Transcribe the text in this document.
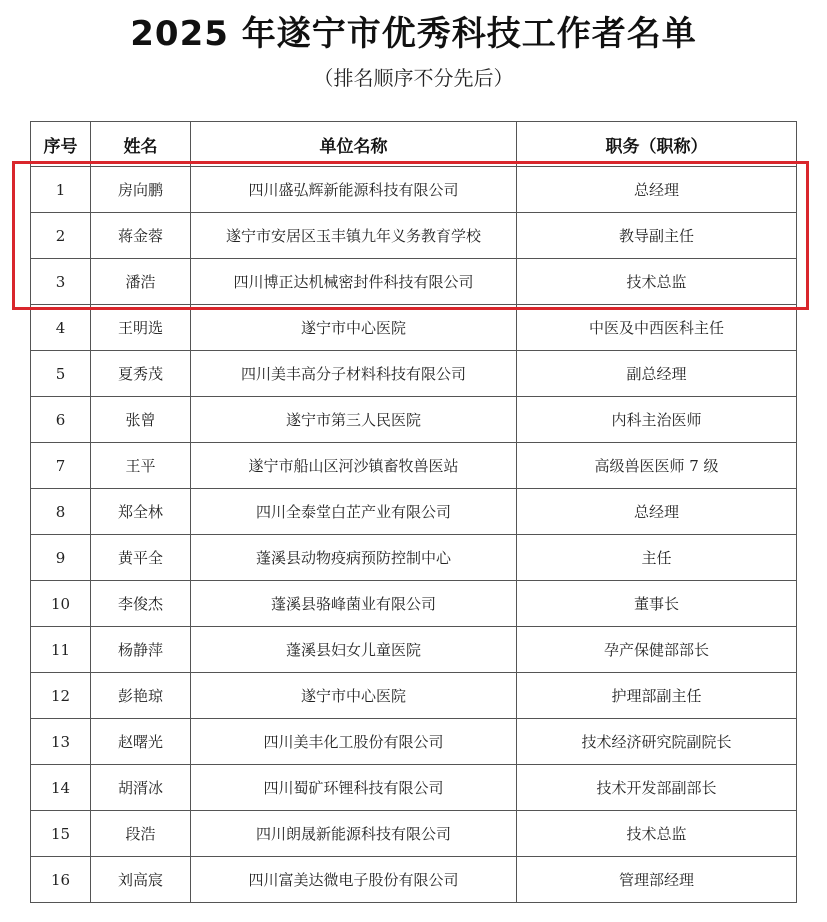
2025 年遂宁市优秀科技工作者名单
（排名顺序不分先后）
序号	姓名	单位名称	职务（职称）
1	房向鹏	四川盛弘辉新能源科技有限公司	总经理
2	蒋金蓉	遂宁市安居区玉丰镇九年义务教育学校	教导副主任
3	潘浩	四川博正达机械密封件科技有限公司	技术总监
4	王明选	遂宁市中心医院	中医及中西医科主任
5	夏秀茂	四川美丰高分子材料科技有限公司	副总经理
6	张曾	遂宁市第三人民医院	内科主治医师
7	王平	遂宁市船山区河沙镇畜牧兽医站	高级兽医医师 7 级
8	郑全林	四川全泰堂白芷产业有限公司	总经理
9	黄平全	蓬溪县动物疫病预防控制中心	主任
10	李俊杰	蓬溪县骆峰菌业有限公司	董事长
11	杨静萍	蓬溪县妇女儿童医院	孕产保健部部长
12	彭艳琼	遂宁市中心医院	护理部副主任
13	赵曙光	四川美丰化工股份有限公司	技术经济研究院副院长
14	胡湑冰	四川蜀矿环锂科技有限公司	技术开发部副部长
15	段浩	四川朗晟新能源科技有限公司	技术总监
16	刘高宸	四川富美达微电子股份有限公司	管理部经理
